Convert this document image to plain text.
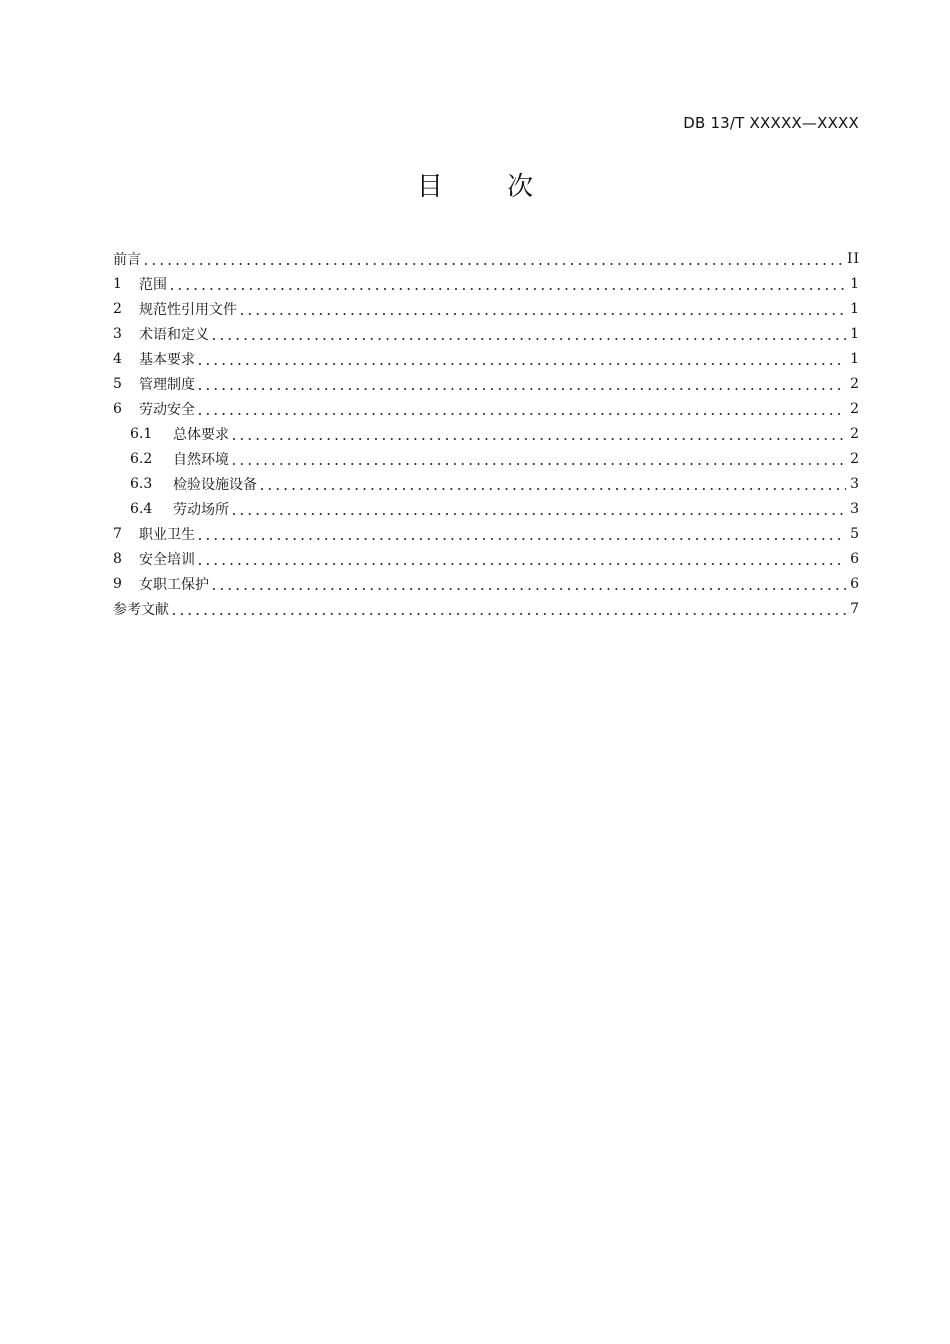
DB 13/T XXXXX—XXXX
目 次
前言	II
1	范围	1
2	规范性引用文件	1
3	术语和定义	1
4	基本要求	1
5	管理制度	2
6	劳动安全	2
6.1	总体要求	2
6.2	自然环境	2
6.3	检验设施设备	3
6.4	劳动场所	3
7	职业卫生	5
8	安全培训	6
9	女职工保护	6
参考文献	7
